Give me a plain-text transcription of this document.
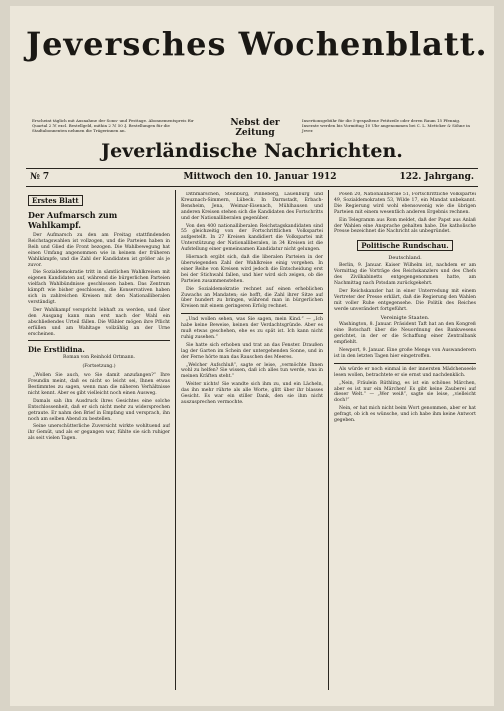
Jeversches Wochenblatt.
Erscheint täglich mit Ausnahme der Sonn- und Festtage. Abonnementspreis für Quartal 2 ℳ excl. Bestellgeld, mithin 2 ℳ 50 ₰. Bestellungen für die Stadtabonnenten nehmen die Trägerinnen an.
Nebst der Zeitung
Insertionsgebühr für die 5-gespaltene Petitzeile oder deren Raum 15 Pfennig. Inserate werden bis Vormittag 10 Uhr angenommen bei C. L. Mettcker & Söhne in Jever.
Jeverländische Nachrichten.
№ 7	Mittwoch den 10. Januar 1912	122. Jahrgang.
Erstes Blatt
Der Aufmarsch zum Wahlkampf.

Der Aufmarsch zu den am Freitag stattfindenden Reichstagswahlen ist vollzogen, und die Parteien haben in Reih und Glied die Front bezogen. Die Wahlbewegung hat einen Umfang angenommen wie in keinem der früheren Wahlkämpfe, und die Zahl der Kandidaten ist größer als je zuvor.

Die Sozialdemokratie tritt in sämtlichen Wahlkreisen mit eigenen Kandidaten auf, während die bürgerlichen Parteien vielfach Wahlbündnisse geschlossen haben. Das Zentrum kämpft wie bisher geschlossen, die Konservativen haben sich in zahlreichen Kreisen mit den Nationalliberalen verständigt.

Der Wahlkampf verspricht lebhaft zu werden, und über den Ausgang kann man erst nach der Wahl ein abschließendes Urteil fällen. Die Wähler mögen ihre Pflicht erfüllen und am Wahltage vollzählig an der Urne erscheinen.

Die Erstlidina.
Roman von Reinhold Ortmann.
(Fortsetzung.)

„Wollen Sie auch, wo Sie damit anzufangen?“ Ihre Freundin meint, daß es nicht so leicht sei, Ihnen etwas Bestimmtes zu sagen, wenn man die näheren Verhältnisse nicht kennt. Aber es gibt vielleicht noch einen Ausweg.

Damals sah ihn Ausdruck ihres Gesichtes eine solche Entschlossenheit, daß er sich nicht mehr zu widersprechen getraute. Er nahm den Brief in Empfang und versprach, ihn noch am selben Abend zu bestellen.

Seine unerschütterliche Zuversicht wirkte wohltuend auf ihr Gemüt, und als er gegangen war, fühlte sie sich ruhiger als seit vielen Tagen.

Dithmarschen, Steinburg, Pinneberg, Lauenburg und Kreuznach-Simmern, Lübeck. In Darmstadt, Erbach-Bensheim, Jena, Weimar-Eisenach, Mühlhausen und anderen Kreisen stehen sich die Kandidaten des Fortschritts und der Nationalliberalen gegenüber.

Von den 400 nationalliberalen Reichstagskandidaten sind 55 gleichzeitig von der Fortschrittlichen Volkspartei aufgestellt. In 27 Kreisen kandidiert die Volkspartei mit Unterstützung der Nationalliberalen, in 34 Kreisen ist die Aufstellung einer gemeinsamen Kandidatur nicht gelungen.

Hiernach ergibt sich, daß die liberalen Parteien in der überwiegenden Zahl der Wahlkreise einig vorgehen. In einer Reihe von Kreisen wird jedoch die Entscheidung erst bei der Stichwahl fallen, und hier wird sich zeigen, ob die Parteien zusammenstehen.

Die Sozialdemokratie rechnet auf einen erheblichen Zuwachs an Mandaten; sie hofft, die Zahl ihrer Sitze auf über hundert zu bringen, während man in bürgerlichen Kreisen mit einem geringeren Erfolg rechnet.

„Und wollen sehen, was Sie sagen, mein Kind.“ — „Ich habe keine Beweise, keinen der Verdachtsgründe. Aber es muß etwas geschehen, ehe es zu spät ist. Ich kann nicht ruhig zusehen.“

Sie hatte sich erhoben und trat an das Fenster. Draußen lag der Garten im Schein der untergehenden Sonne, und in der Ferne hörte man das Rauschen des Meeres.

„Welcher Aufschluß“, sagte er leise, „vermöchte Ihnen wohl zu helfen? Sie wissen, daß ich alles tun werde, was in meinen Kräften steht.“

Weiter nichts! Sie wandte sich ihm zu, und ein Lächeln, das ihn mehr rührte als alle Worte, glitt über ihr blasses Gesicht. Es war ein stiller Dank, den sie ihm nicht auszusprechen vermochte.

Posen 20, Nationalliberale 51, Fortschrittliche Volkspartei 49, Sozialdemokraten 53, Wilde 17, ein Mandat unbekannt. Die Regierung wird wohl ebensowenig wie die übrigen Parteien mit einem wesentlich anderen Ergebnis rechnen.

Ein Telegramm aus Rom meldet, daß der Papst aus Anlaß der Wahlen eine Ansprache gehalten habe. Die katholische Presse bezeichnet die Nachricht als unbegründet.

Politische Rundschau.
Deutschland.

Berlin, 9. Januar. Kaiser Wilhelm ist, nachdem er am Vormittag die Vorträge des Reichskanzlers und des Chefs des Zivilkabinetts entgegengenommen hatte, am Nachmittag nach Potsdam zurückgekehrt.

Der Reichskanzler hat in einer Unterredung mit einem Vertreter der Presse erklärt, daß die Regierung den Wahlen mit voller Ruhe entgegensehe. Die Politik des Reiches werde unverändert fortgeführt.

Vereinigte Staaten.

Washington, 8. Januar. Präsident Taft hat an den Kongreß eine Botschaft über die Neuordnung des Bankwesens gerichtet, in der er die Schaffung einer Zentralbank empfiehlt.

Newport, 9. Januar. Eine große Menge von Auswanderern ist in den letzten Tagen hier eingetroffen.

Als würde er noch einmal in der innersten Mädchenseele lesen wollen, betrachtete er sie ernst und nachdenklich.

„Nein, Fräulein Rüthling, es ist ein schönes Märchen, aber es ist nur ein Märchen! Es gibt keine Zauberei auf dieser Welt.“ — „Wer weiß“, sagte sie leise, „vielleicht doch!“

Nein, er hat mich nicht beim Wort genommen, aber er hat gefragt, ob ich es wünsche, und ich habe ihm keine Antwort gegeben.
